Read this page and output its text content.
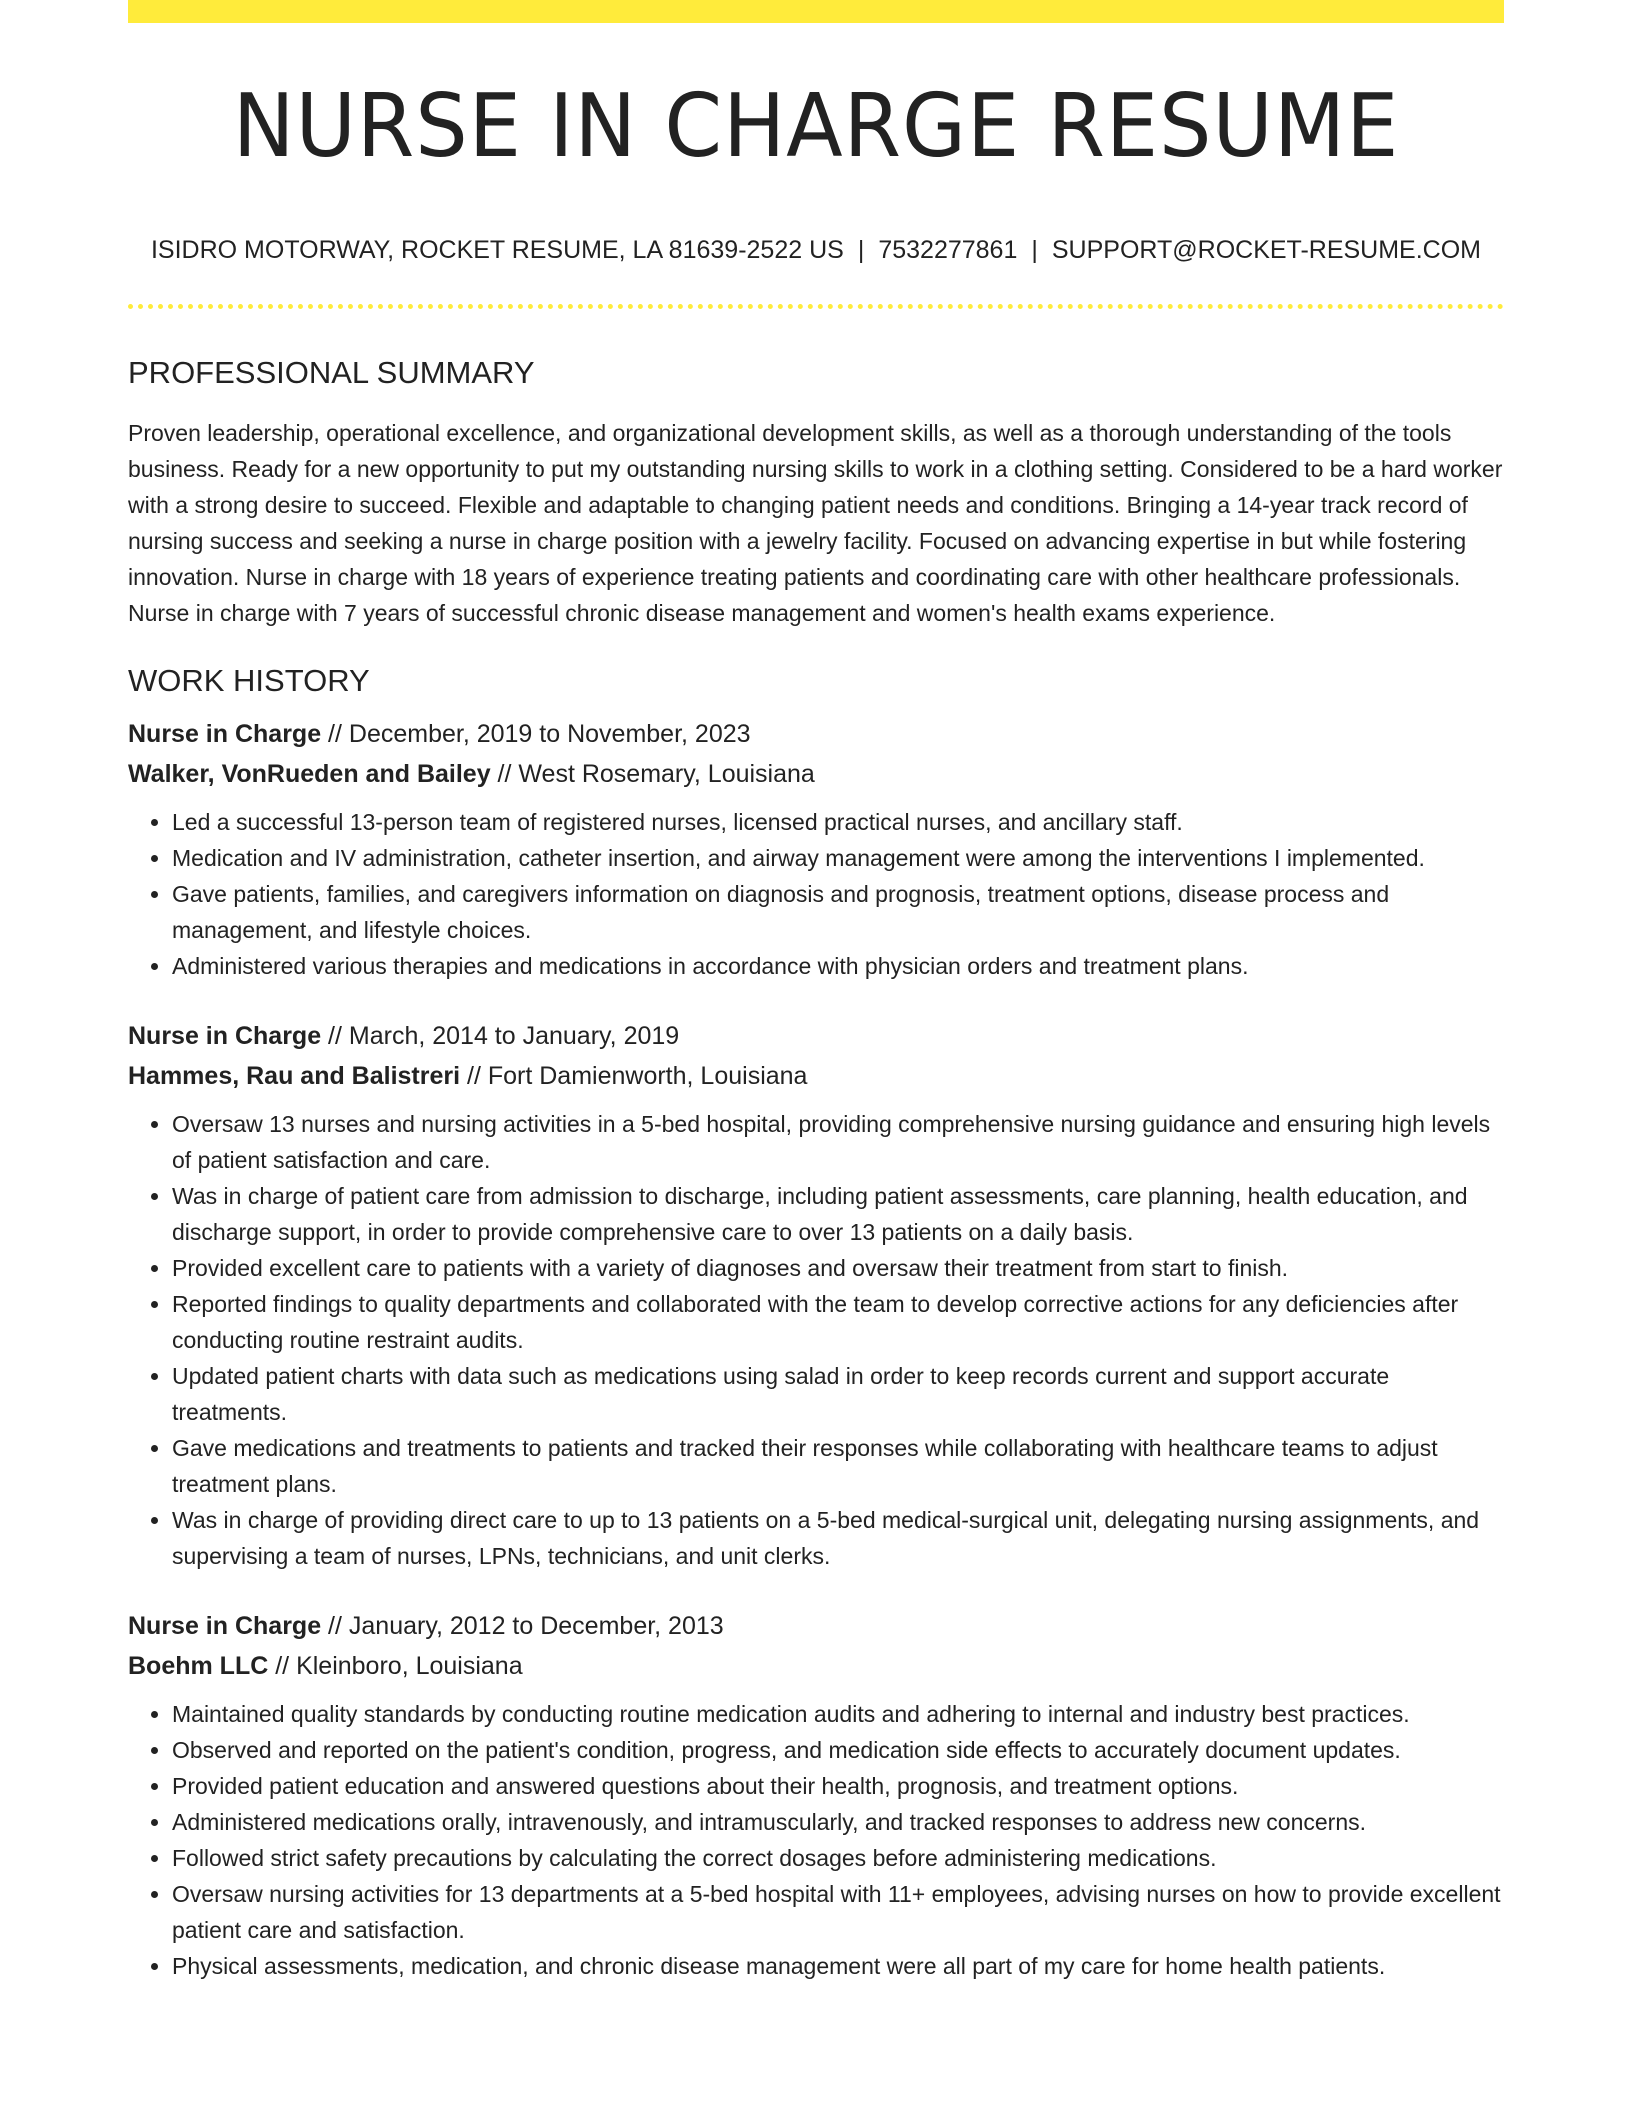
NURSE IN CHARGE RESUME
ISIDRO MOTORWAY, ROCKET RESUME, LA 81639-2522 US | 7532277861 | SUPPORT@ROCKET-RESUME.COM
PROFESSIONAL SUMMARY

Proven leadership, operational excellence, and organizational development skills, as well as a thorough understanding of the tools business. Ready for a new opportunity to put my outstanding nursing skills to work in a clothing setting. Considered to be a hard worker with a strong desire to succeed. Flexible and adaptable to changing patient needs and conditions. Bringing a 14-year track record of nursing success and seeking a nurse in charge position with a jewelry facility. Focused on advancing expertise in but while fostering innovation. Nurse in charge with 18 years of experience treating patients and coordinating care with other healthcare professionals. Nurse in charge with 7 years of successful chronic disease management and women's health exams experience.

WORK HISTORY

Nurse in Charge // December, 2019 to November, 2023

Walker, VonRueden and Bailey // West Rosemary, Louisiana

• Led a successful 13-person team of registered nurses, licensed practical nurses, and ancillary staff.
• Medication and IV administration, catheter insertion, and airway management were among the interventions I implemented.
• Gave patients, families, and caregivers information on diagnosis and prognosis, treatment options, disease process and management, and lifestyle choices.
• Administered various therapies and medications in accordance with physician orders and treatment plans.

Nurse in Charge // March, 2014 to January, 2019

Hammes, Rau and Balistreri // Fort Damienworth, Louisiana

• Oversaw 13 nurses and nursing activities in a 5-bed hospital, providing comprehensive nursing guidance and ensuring high levels of patient satisfaction and care.
• Was in charge of patient care from admission to discharge, including patient assessments, care planning, health education, and discharge support, in order to provide comprehensive care to over 13 patients on a daily basis.
• Provided excellent care to patients with a variety of diagnoses and oversaw their treatment from start to finish.
• Reported findings to quality departments and collaborated with the team to develop corrective actions for any deficiencies after conducting routine restraint audits.
• Updated patient charts with data such as medications using salad in order to keep records current and support accurate treatments.
• Gave medications and treatments to patients and tracked their responses while collaborating with healthcare teams to adjust treatment plans.
• Was in charge of providing direct care to up to 13 patients on a 5-bed medical-surgical unit, delegating nursing assignments, and supervising a team of nurses, LPNs, technicians, and unit clerks.

Nurse in Charge // January, 2012 to December, 2013

Boehm LLC // Kleinboro, Louisiana

• Maintained quality standards by conducting routine medication audits and adhering to internal and industry best practices.
• Observed and reported on the patient's condition, progress, and medication side effects to accurately document updates.
• Provided patient education and answered questions about their health, prognosis, and treatment options.
• Administered medications orally, intravenously, and intramuscularly, and tracked responses to address new concerns.
• Followed strict safety precautions by calculating the correct dosages before administering medications.
• Oversaw nursing activities for 13 departments at a 5-bed hospital with 11+ employees, advising nurses on how to provide excellent patient care and satisfaction.
• Physical assessments, medication, and chronic disease management were all part of my care for home health patients.
